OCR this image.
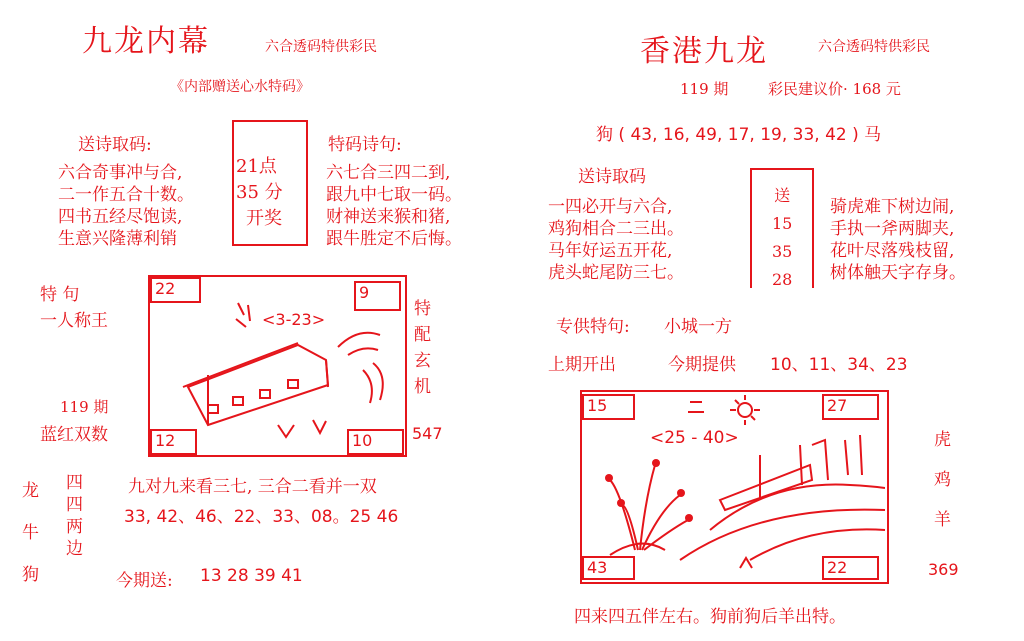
九龙内幕	六合透码特供彩民
《内部赠送心水特码》
送诗取码:
六合奇事冲与合,
二一作五合十数。
四书五经尽饱读,
生意兴隆薄利销
21点
35 分
开奖
特码诗句:
六七合三四二到,
跟九中七取一码。
财神送来猴和猪,
跟牛胜定不后悔。
特 句
一人称王
119 期
蓝红双数
22	9
12	10
<3-23>
特
配
玄
机
547
龙
牛
狗
四
四
两
边
九对九来看三七, 三合二看并一双
33, 42、46、22、33、08。25 46
今期送: 13 28 39 41
香港九龙	六合透码特供彩民
119 期	彩民建议价· 168 元
狗 ( 43, 16, 49, 17, 19, 33, 42 ) 马
送诗取码
一四必开与六合,
鸡狗相合二三出。
马年好运五开花,
虎头蛇尾防三七。
送
15
35
28
骑虎难下树边闹,
手执一斧两脚夹,
花叶尽落残枝留,
树体触天字存身。
专供特句: 小城一方
上期开出	今期提供 10、11、34、23
15	27
43	22
<25 - 40>	虎
鸡
羊
369
四来四五伴左右。狗前狗后羊出特。
